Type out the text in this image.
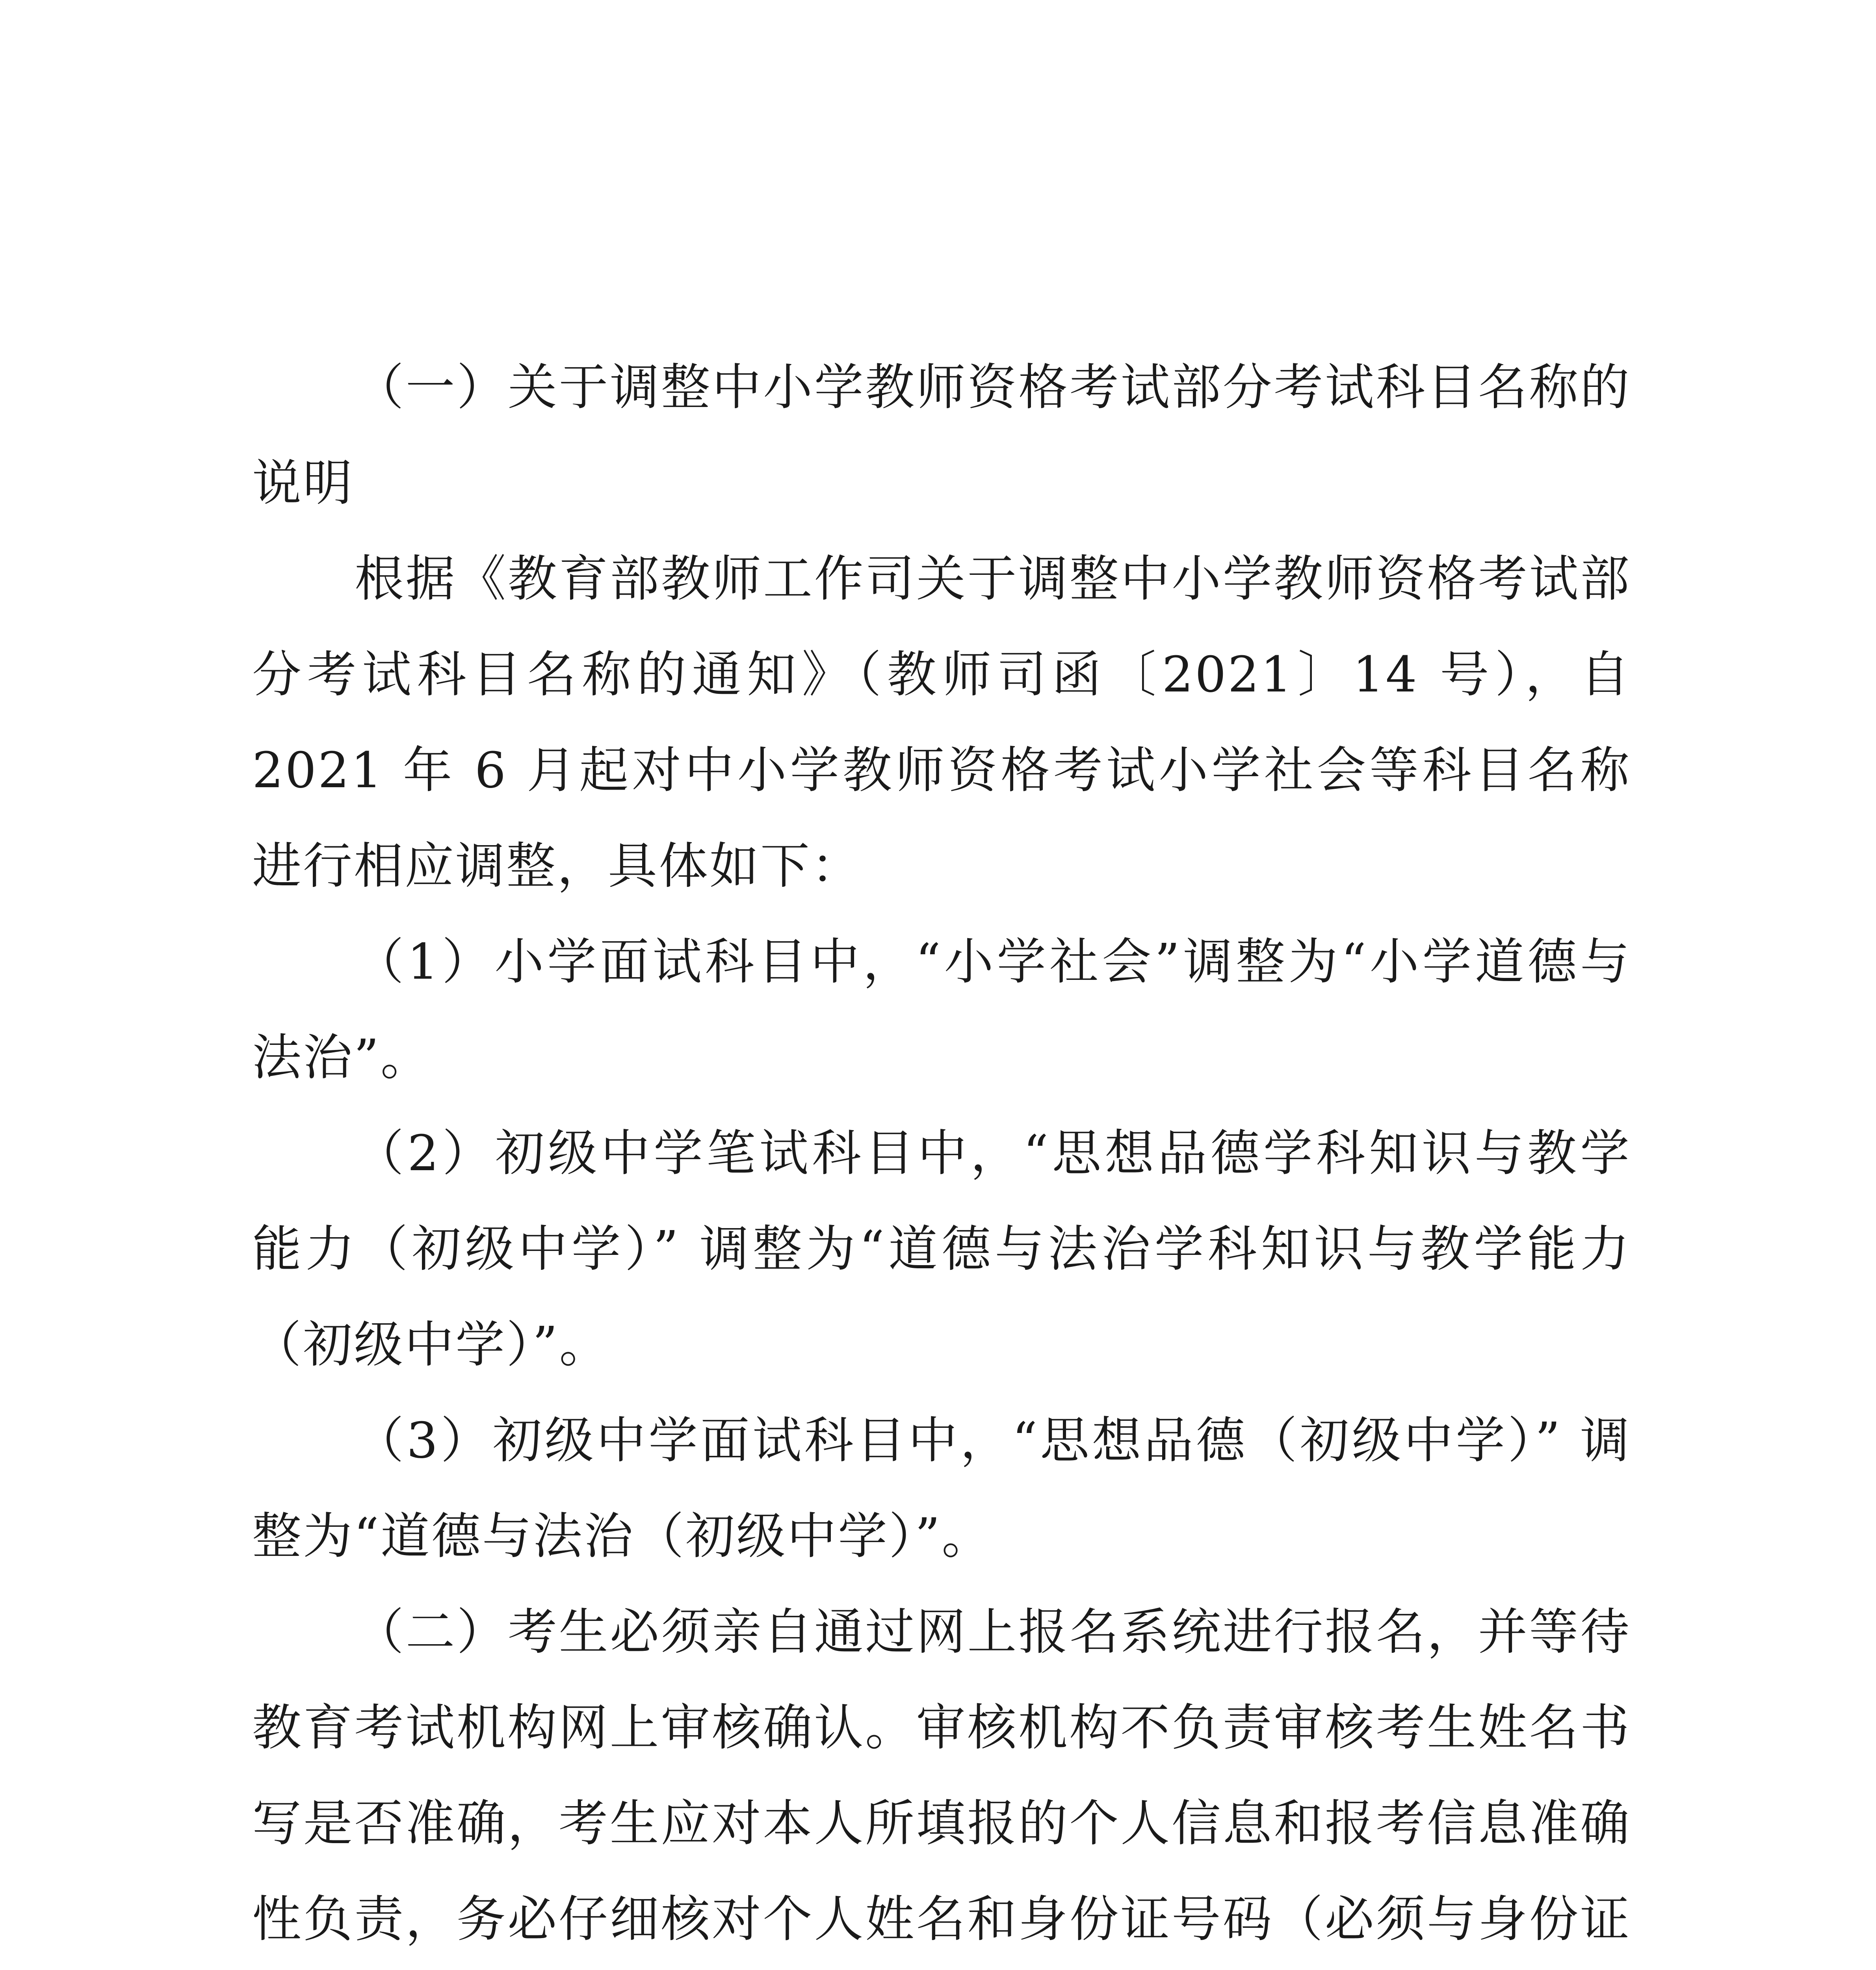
（一）关于调整中小学教师资格考试部分考试科目名称的说明

根据《教育部教师工作司关于调整中小学教师资格考试部分考试科目名称的通知》（教师司函〔2021〕14 号），自 2021 年 6 月起对中小学教师资格考试小学社会等科目名称进行相应调整，具体如下：

（1）小学面试科目中，“小学社会”调整为“小学道德与法治”。

（2）初级中学笔试科目中，“思想品德学科知识与教学能力（初级中学）” 调整为“道德与法治学科知识与教学能力（初级中学）”。

（3）初级中学面试科目中，“思想品德（初级中学）” 调整为“道德与法治（初级中学）”。

（二）考生必须亲自通过网上报名系统进行报名，并等待教育考试机构网上审核确认。审核机构不负责审核考生姓名书写是否准确，考生应对本人所填报的个人信息和报考信息准确性负责，务必仔细核对个人姓名和身份证号码（必须与身份证
